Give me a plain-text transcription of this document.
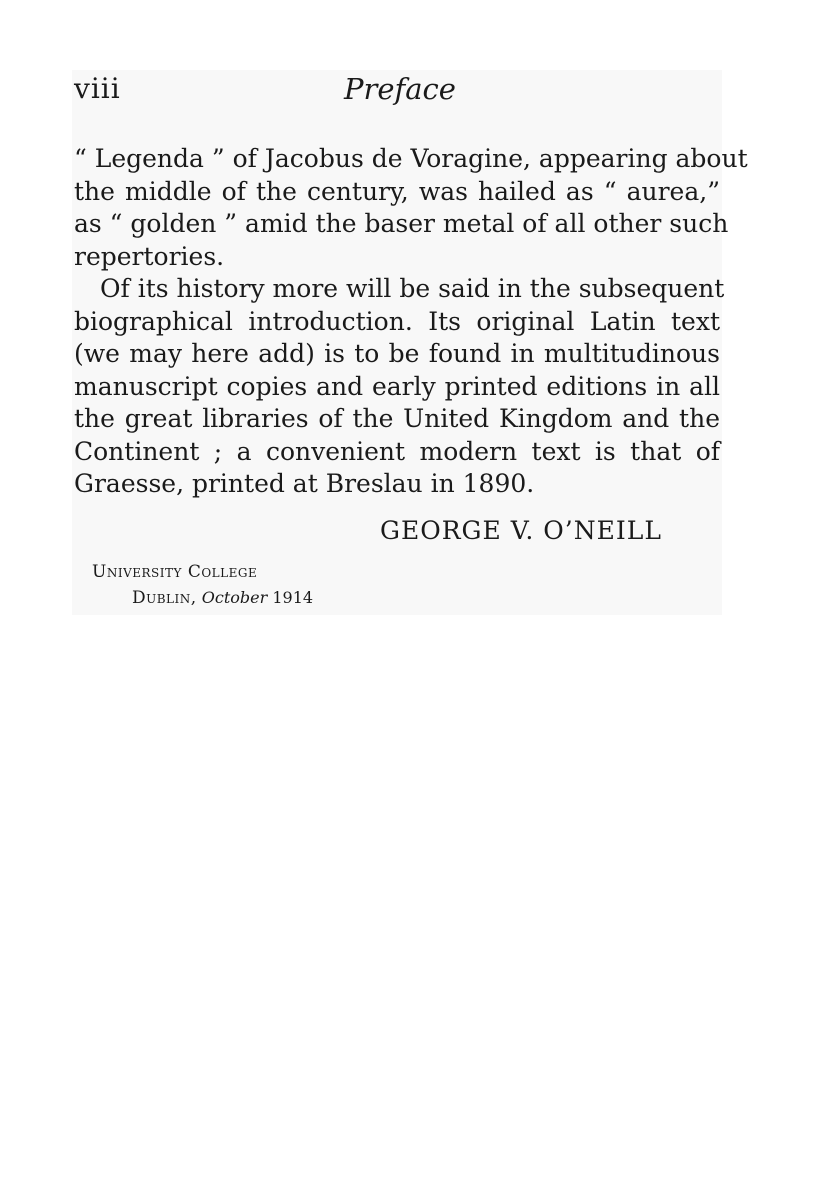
viii	Preface
“ Legenda ” of Jacobus de Voragine, appearing about
the middle of the century, was hailed as “ aurea,”
as “ golden ” amid the baser metal of all other such
repertories.
Of its history more will be said in the subsequent
biographical introduction. Its original Latin text
(we may here add) is to be found in multitudinous
manuscript copies and early printed editions in all
the great libraries of the United Kingdom and the
Continent ; a convenient modern text is that of
Graesse, printed at Breslau in 1890.
GEORGE V. O’NEILL
University College
Dublin, October 1914
